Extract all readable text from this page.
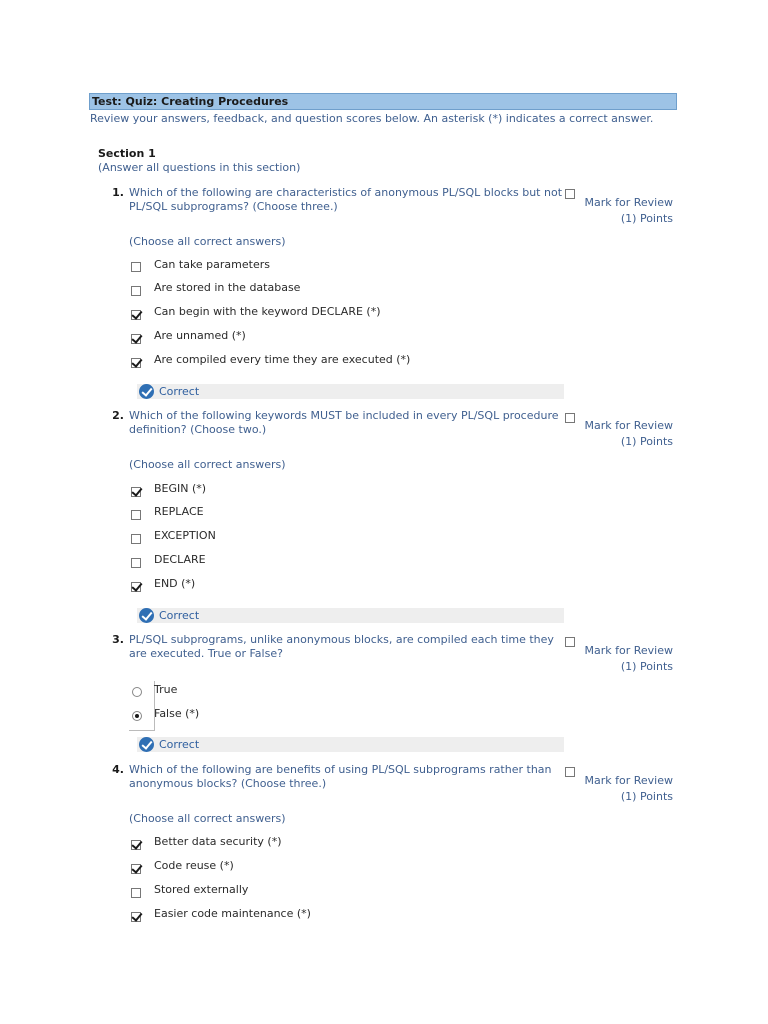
Test: Quiz: Creating Procedures
Review your answers, feedback, and question scores below. An asterisk (*) indicates a correct answer.
Section 1
(Answer all questions in this section)
1. Which of the following are characteristics of anonymous PL/SQL blocks but not PL/SQL subprograms? (Choose three.)	Mark for Review
(1) Points
(Choose all correct answers)
Can take parameters
Are stored in the database
Can begin with the keyword DECLARE (*)
Are unnamed (*)
Are compiled every time they are executed (*)
Correct
2. Which of the following keywords MUST be included in every PL/SQL procedure definition? (Choose two.)	Mark for Review
(1) Points
(Choose all correct answers)
BEGIN (*)
REPLACE
EXCEPTION
DECLARE
END (*)
Correct
3. PL/SQL subprograms, unlike anonymous blocks, are compiled each time they are executed. True or False?	Mark for Review
(1) Points
True
False (*)
Correct
4. Which of the following are benefits of using PL/SQL subprograms rather than anonymous blocks? (Choose three.)	Mark for Review
(1) Points
(Choose all correct answers)
Better data security (*)
Code reuse (*)
Stored externally
Easier code maintenance (*)
